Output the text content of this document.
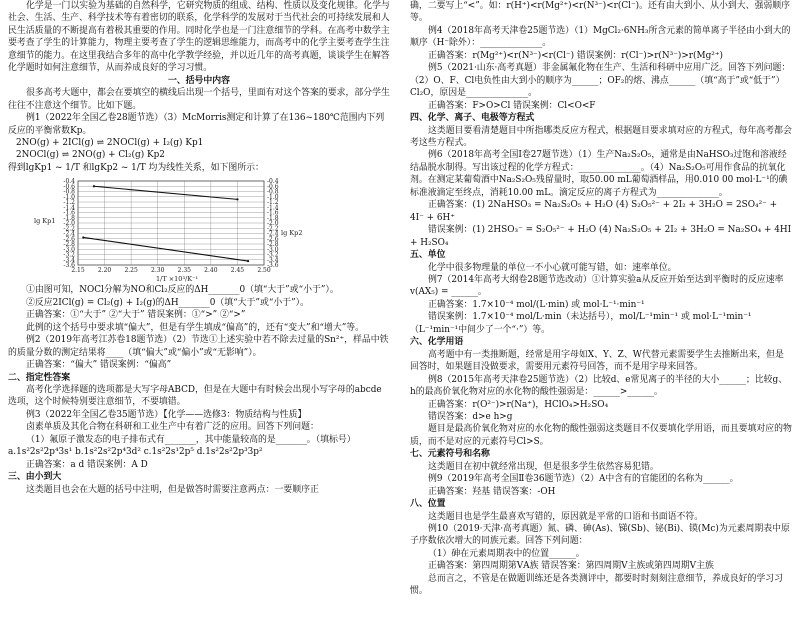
化学是一门以实验为基础的自然科学，它研究物质的组成、结构、性质以及变化规律。化学与社会、生活、生产、科学技术等有着密切的联系，化学科学的发展对于当代社会的可持续发展和人民生活质量的不断提高有着极其重要的作用。同时化学也是一门注意细节的学科。在高考中数学主要考查了学生的计算能力，物理主要考查了学生的逻辑思维能力，而高考中的化学主要考查学生注意细节的能力。在这里我结合多年的高中化学教学经验，并以近几年的高考真题，谈谈学生在解答化学题时如何注意细节，从而养成良好的学习习惯。

一、括号中内容

很多高考大题中，都会在要填空的横线后出现一个括号，里面有对这个答案的要求，部分学生往往不注意这个细节。比如下题。

例1（2022年全国乙卷28题节选）（3）McMorris测定和计算了在136~180℃范围内下列反应的平衡常数Kp。

2NO(g) + 2ICl(g) ⇌ 2NOCl(g) + I₂(g) Kp1

2NOCl(g) ⇌ 2NO(g) + Cl₂(g) Kp2

得到lgKp1 ~ 1/T 和lgKp2 ~ 1/T 均为线性关系，如下图所示：

-0.4	-0.4
-0.6	-0.6
-0.8	-0.8
-1.0	-1.0
-1.2	-1.2
-1.4	-1.4
-1.6	-1.6
-1.8	-1.8
-2.0	-2.0
-2.2	-2.2
-2.4	-2.4
-2.6	-2.6
-2.8	-2.8
-3.0	-3.0
-3.2	-3.2
-3.4	-3.4
-3.6	-3.6
2.15 2.20 2.25 2.30 2.35 2.40 2.45 2.50
lg Kp1
lg Kp2
1/T ×10³/K⁻¹

①由图可知，NOCl分解为NO和Cl₂反应的ΔH_______0（填“大于”或“小于”）。

②反应2ICl(g) = Cl₂(g) + I₂(g)的ΔH_______0（填“大于”或“小于”）。

正确答案：①“大于” ②“大于” 错误案例：①“>” ②“>”

此例的这个括号中要求填“偏大”，但是有学生填成“偏高”的，还有“变大”和“增大”等。

例2（2019年高考江苏卷18题节选）（2）节选①上述实验中若不除去过量的Sn²⁺，样品中铁的质量分数的测定结果将____（填“偏大”或“偏小”或“无影响”）。

正确答案：“偏大” 错误案例：“偏高”

二、指定性答案

高考化学选择题的选项都是大写字母ABCD，但是在大题中有时候会出现小写字母的abcde选项，这个时候特别要注意细节，不要填错。

例3（2022年全国乙卷35题节选）【化学——选修3：物质结构与性质】

卤素单质及其化合物在科研和工业生产中有着广泛的应用。回答下列问题：

（1）氟原子激发态的电子排布式有_______，其中能量较高的是_______。（填标号）

a.1s²2s²2p⁴3s¹ b.1s²2s²2p⁴3d² c.1s²2s¹2p⁵ d.1s²2s²2p³3p²

正确答案：a d 错误案例：A D

三、由小到大

这类题目也会在大题的括号中注明，但是做答时需要注意两点：一要顺序正

确，二要写上“<”。如：r(H⁺)<r(Mg²⁺)<r(N³⁻)<r(Cl⁻)。还有由大到小、从小到大、强弱顺序等。

例4（2018年高考天津卷25题节选）（1）MgCl₂·6NH₃所含元素的简单离子半径由小到大的顺序（H⁻除外）：______________。

正确答案：r(Mg²⁺)<r(N³⁻)<r(Cl⁻) 错误案例：r(Cl⁻)>r(N³⁻)>r(Mg²⁺)

例5（2021·山东·高考真题）非金属氟化物在生产、生活和科研中应用广泛。回答下列问题：（2）O、F、Cl电负性由大到小的顺序为______；OF₂的熔、沸点______（填“高于”或“低于”）Cl₂O，原因是______________。

正确答案：F>O>Cl 错误案例：Cl<O<F

四、化学、离子、电极等方程式

这类题目要看清楚题目中所指哪类反应方程式，根据题目要求填对应的方程式，每年高考都会考这些方程式。

例6（2018年高考全国Ⅰ卷27题节选）（1）生产Na₂S₂O₅，通常是由NaHSO₃过饱和溶液经结晶脱水制得。写出该过程的化学方程式：______________。（4）Na₂S₂O₅可用作食品的抗氧化剂。在测定某葡萄酒中Na₂S₂O₅残留量时，取50.00 mL葡萄酒样品，用0.010 00 mol·L⁻¹的碘标准液滴定至终点，消耗10.00 mL。滴定反应的离子方程式为______________。

正确答案：(1) 2NaHSO₃ = Na₂S₂O₅ + H₂O (4) S₂O₅²⁻ + 2I₂ + 3H₂O = 2SO₄²⁻ + 4I⁻ + 6H⁺

错误案例：(1) 2HSO₃⁻ = S₂O₅²⁻ + H₂O (4) Na₂S₂O₅ + 2I₂ + 3H₂O = Na₂SO₄ + 4HI + H₂SO₄

五、单位

化学中很多物理量的单位一不小心就可能写错，如：速率单位。

例7（2014年高考大纲卷28题节选改动）①计算实验a从反应开始至达到平衡时的反应速率v(AX₅) = ______。

正确答案：1.7×10⁻⁴ mol/(L·min) 或 mol·L⁻¹·min⁻¹

错误案例：1.7×10⁻⁴ mol/L·min（未达括号），mol/L⁻¹min⁻¹ 或 mol·L⁻¹min⁻¹（L⁻¹min⁻¹中间少了一个“·”）等。

六、化学用语

高考题中有一类推断题，经常是用字母如X、Y、Z、W代替元素需要学生去推断出来，但是回答时，如果题目没做要求，需要用元素符号回答，而不是用字母来回答。

例8（2015年高考天津卷25题节选）（2）比较d、e常见离子的半径的大小______；比较g、h的最高价氧化物对应的水化物的酸性强弱是：______>______。

正确答案：r(O²⁻)>r(Na⁺)，HClO₄>H₂SO₄

错误答案：d>e h>g

题目是最高价氧化物对应的水化物的酸性强弱这类题目不仅要填化学用语，而且要填对应的物质，而不是对应的元素符号Cl>S。

七、元素符号和名称

这类题目在初中就经常出现，但是很多学生依然容易犯错。

例9（2019年高考全国Ⅱ卷36题节选）（2）A中含有的官能团的名称为______。

正确答案：羟基 错误答案：-OH

八、位置

这类题目也是学生最喜欢写错的，原因就是平常的口语和书面语不符。

例10（2019·天津·高考真题）氮、磷、砷(As)、锑(Sb)、铋(Bi)、镆(Mc)为元素周期表中原子序数依次增大的同族元素。回答下列问题：

（1）砷在元素周期表中的位置______。

正确答案：第四周期第ⅤA族 错误答案：第四周期Ⅴ主族或第四周期Ⅴ主族

总而言之，不管是在做题训练还是各类测评中，都要时时刻刻注意细节，养成良好的学习习惯。
